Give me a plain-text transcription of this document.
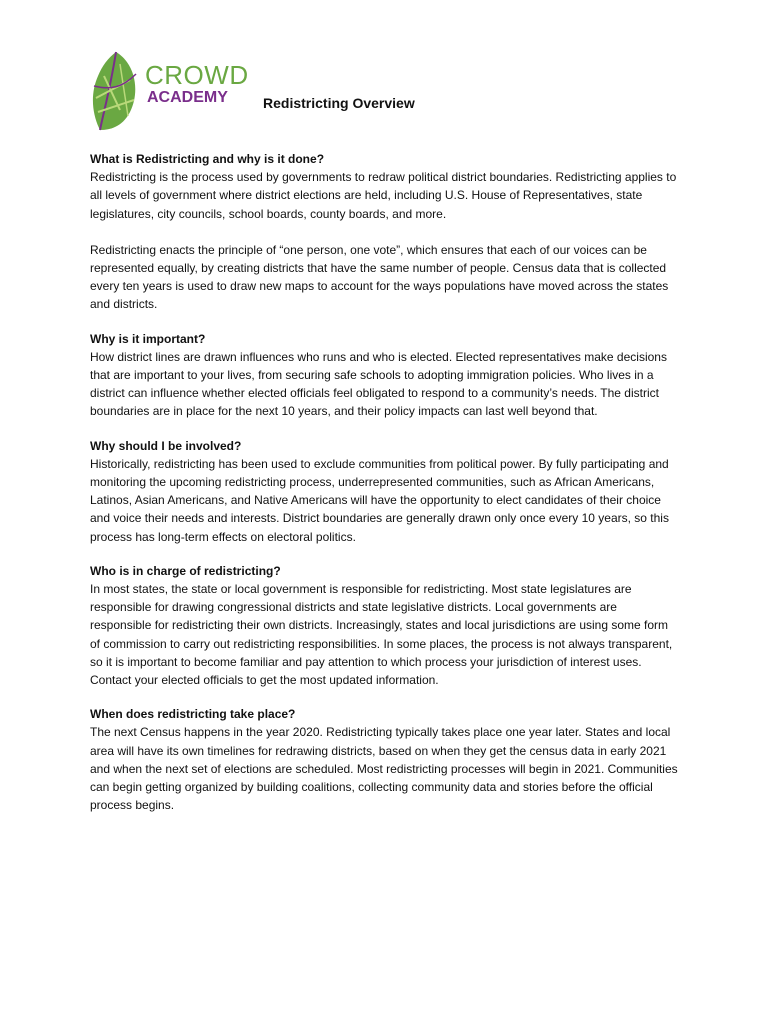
CROWD
ACADEMY	Redistricting Overview
What is Redistricting and why is it done?

Redistricting is the process used by governments to redraw political district boundaries. Redistricting applies to all levels of government where district elections are held, including U.S. House of Representatives, state legislatures, city councils, school boards, county boards, and more.

Redistricting enacts the principle of “one person, one vote”, which ensures that each of our voices can be represented equally, by creating districts that have the same number of people. Census data that is collected every ten years is used to draw new maps to account for the ways populations have moved across the states and districts.

Why is it important?

How district lines are drawn influences who runs and who is elected. Elected representatives make decisions that are important to your lives, from securing safe schools to adopting immigration policies. Who lives in a district can influence whether elected officials feel obligated to respond to a community’s needs. The district boundaries are in place for the next 10 years, and their policy impacts can last well beyond that.

Why should I be involved?

Historically, redistricting has been used to exclude communities from political power. By fully participating and monitoring the upcoming redistricting process, underrepresented communities, such as African Americans, Latinos, Asian Americans, and Native Americans will have the opportunity to elect candidates of their choice and voice their needs and interests. District boundaries are generally drawn only once every 10 years, so this process has long-term effects on electoral politics.

Who is in charge of redistricting?

In most states, the state or local government is responsible for redistricting. Most state legislatures are responsible for drawing congressional districts and state legislative districts. Local governments are responsible for redistricting their own districts. Increasingly, states and local jurisdictions are using some form of commission to carry out redistricting responsibilities. In some places, the process is not always transparent, so it is important to become familiar and pay attention to which process your jurisdiction of interest uses. Contact your elected officials to get the most updated information.

When does redistricting take place?

The next Census happens in the year 2020. Redistricting typically takes place one year later. States and local area will have its own timelines for redrawing districts, based on when they get the census data in early 2021 and when the next set of elections are scheduled. Most redistricting processes will begin in 2021. Communities can begin getting organized by building coalitions, collecting community data and stories before the official process begins.
